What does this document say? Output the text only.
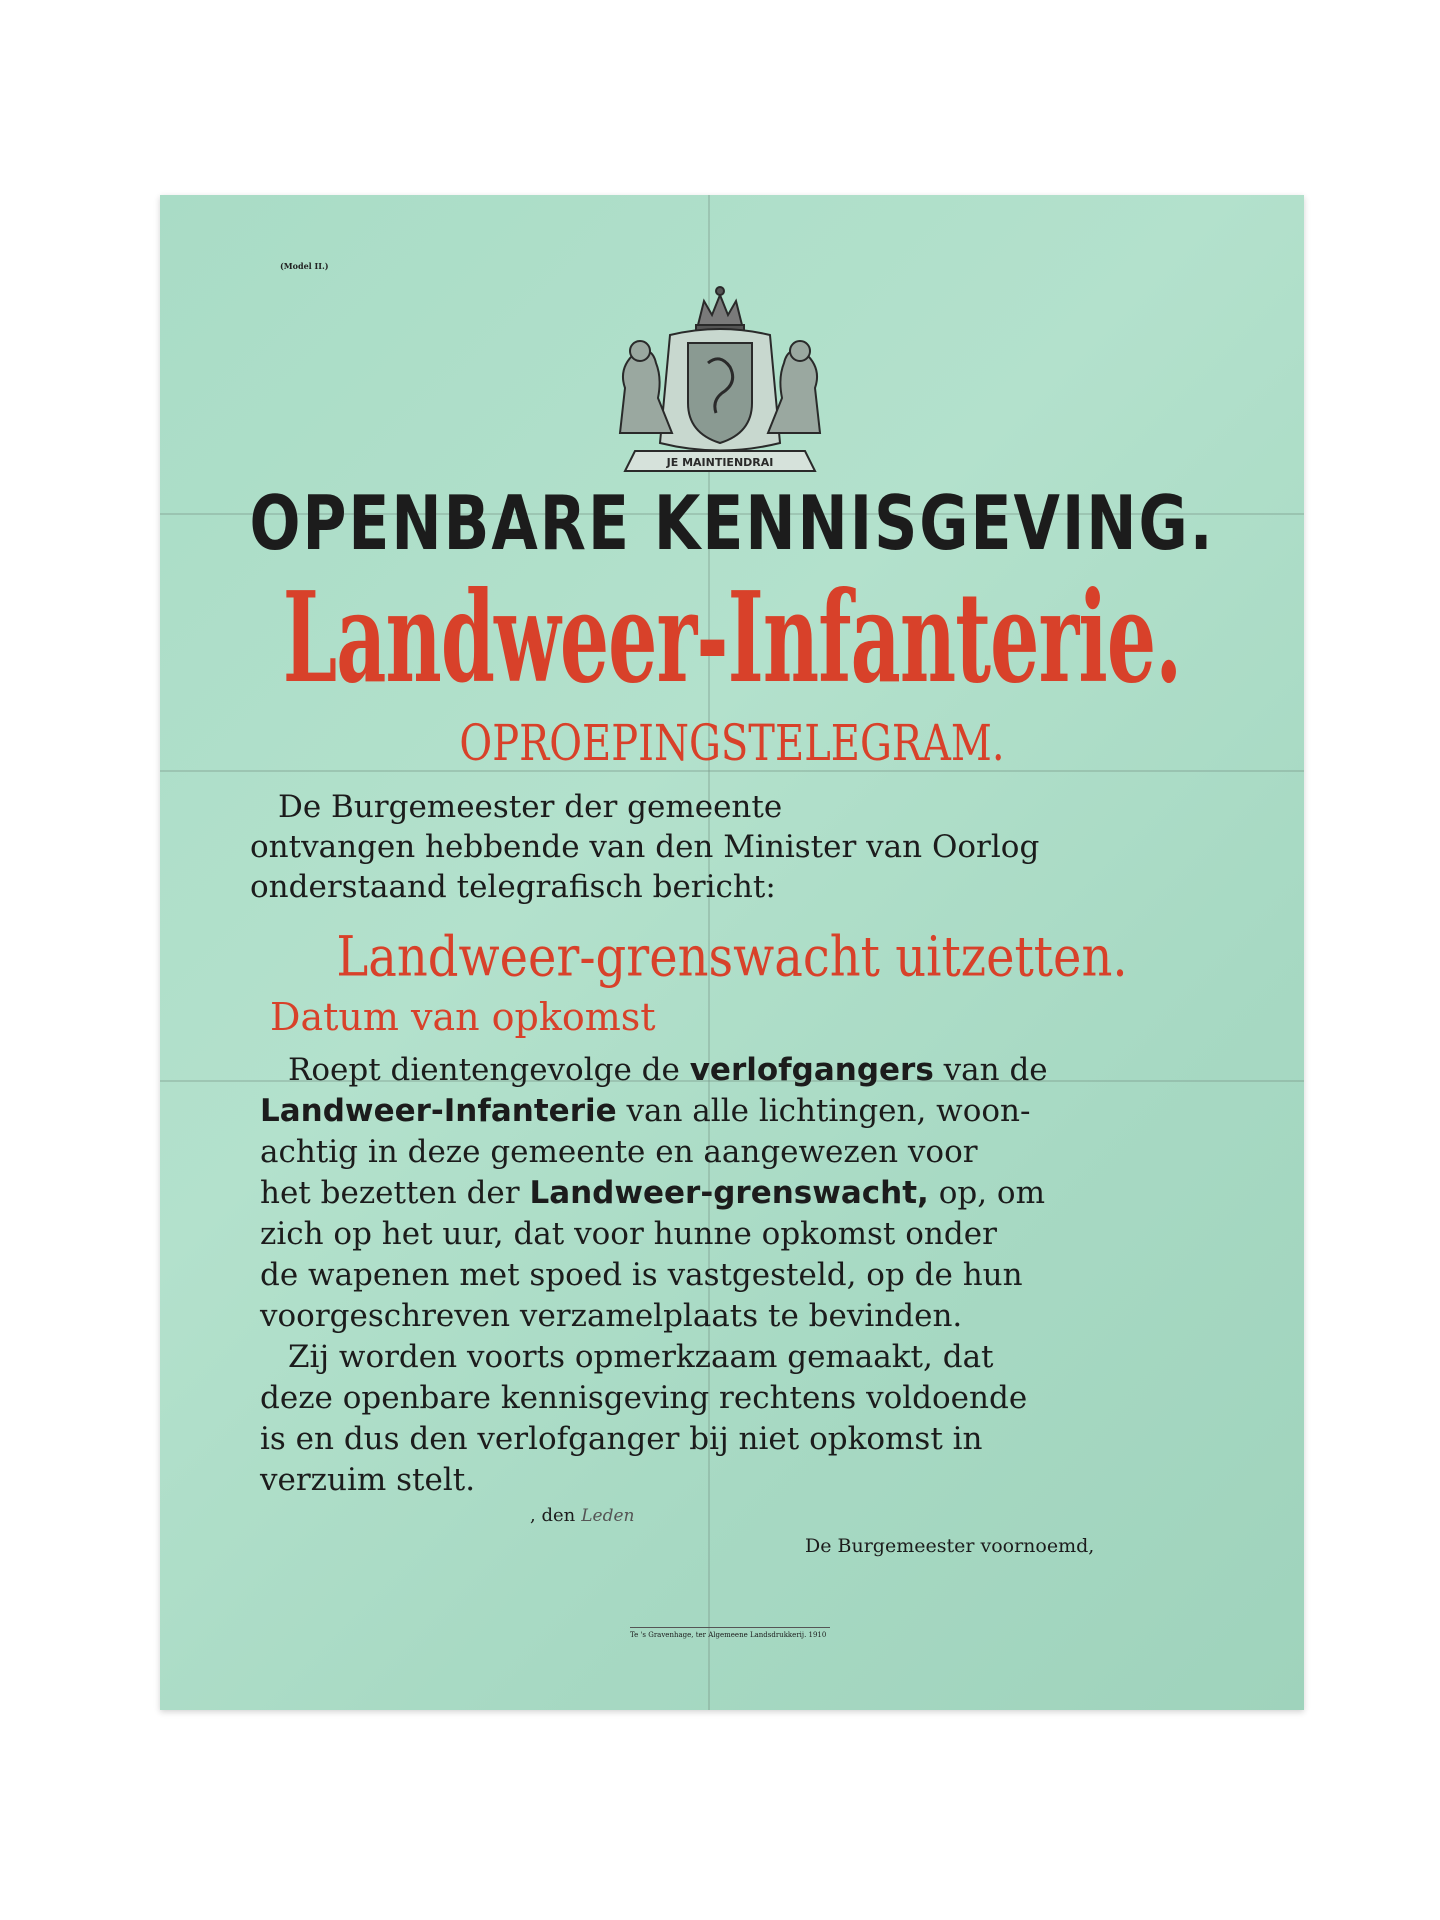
(Model II.)
JE MAINTIENDRAI
OPENBARE KENNISGEVING.
Landweer-Infanterie.
OPROEPINGSTELEGRAM.
De Burgemeester der gemeente
ontvangen hebbende van den Minister van Oorlog
onderstaand telegrafisch bericht:
Landweer-grenswacht uitzetten.
Datum van opkomst
Roept dientengevolge de verlofgangers van de
Landweer-Infanterie van alle lichtingen, woon-
achtig in deze gemeente en aangewezen voor
het bezetten der Landweer-grenswacht, op, om
zich op het uur, dat voor hunne opkomst onder
de wapenen met spoed is vastgesteld, op de hun
voorgeschreven verzamelplaats te bevinden.
Zij worden voorts opmerkzaam gemaakt, dat
deze openbare kennisgeving rechtens voldoende
is en dus den verlofganger bij niet opkomst in
verzuim stelt.
, den Leden
De Burgemeester voornoemd,
Te 's Gravenhage, ter Algemeene Landsdrukkerij. 1910
